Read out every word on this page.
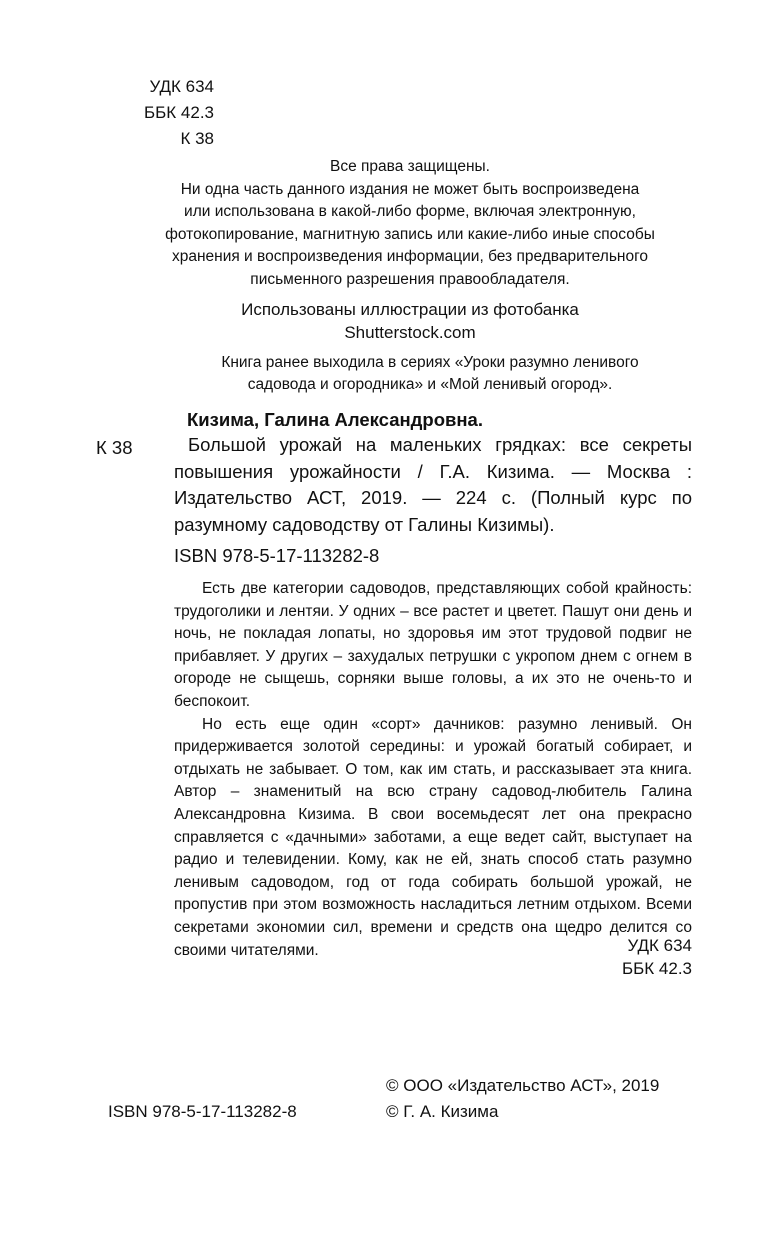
УДК 634
ББК 42.3
К 38
Все права защищены.
Ни одна часть данного издания не может быть воспроизведена
или использована в какой-либо форме, включая электронную,
фотокопирование, магнитную запись или какие-либо иные способы
хранения и воспроизведения информации, без предварительного
письменного разрешения правообладателя.
Использованы иллюстрации из фотобанка
Shutterstock.com
Книга ранее выходила в сериях «Уроки разумно ленивого
садовода и огородника» и «Мой ленивый огород».
Кизима, Галина Александровна.
К 38	Большой урожай на маленьких грядках: все секреты повышения урожайности / Г.А. Кизима. — Москва : Издательство АСТ, 2019. — 224 с. (Полный курс по разумному садоводству от Галины Кизимы).

ISBN 978-5-17-113282-8

Есть две категории садоводов, представляющих собой крайность: трудоголики и лентяи. У одних – все растет и цветет. Пашут они день и ночь, не покладая лопаты, но здоровья им этот трудовой подвиг не прибавляет. У других – захудалых петрушки с укропом днем с огнем в огороде не сыщешь, сорняки выше головы, а их это не очень-то и беспокоит.

Но есть еще один «сорт» дачников: разумно ленивый. Он придерживается золотой середины: и урожай богатый собирает, и отдыхать не забывает. О том, как им стать, и рассказывает эта книга. Автор – знаменитый на всю страну садовод-любитель Галина Александровна Кизима. В свои восемьдесят лет она прекрасно справляется с «дачными» заботами, а еще ведет сайт, выступает на радио и телевидении. Кому, как не ей, знать способ стать разумно ленивым садоводом, год от года собирать большой урожай, не пропустив при этом возможность насладиться летним отдыхом. Всеми секретами экономии сил, времени и средств она щедро делится со своими читателями.	УДК 634
ББК 42.3
© ООО «Издательство АСТ», 2019
© Г. А. Кизима
ISBN 978-5-17-113282-8
